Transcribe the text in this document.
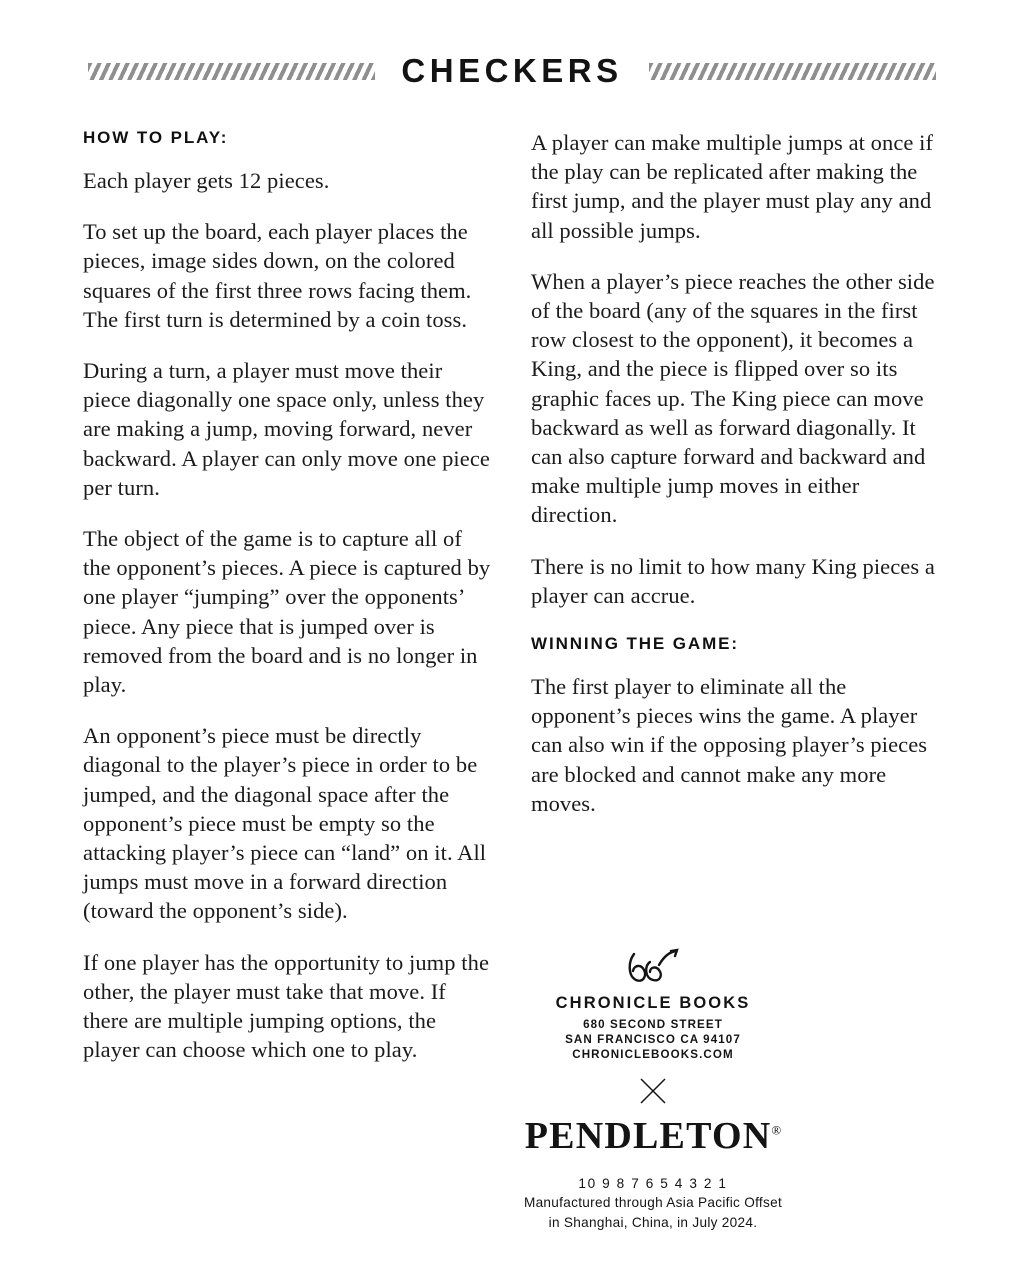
CHECKERS
HOW TO PLAY:

Each player gets 12 pieces.

To set up the board, each player places the pieces, image sides down, on the colored squares of the first three rows facing them. The first turn is determined by a coin toss.

During a turn, a player must move their piece diagonally one space only, unless they are making a jump, moving forward, never backward. A player can only move one piece per turn.

The object of the game is to capture all of the opponent’s pieces. A piece is captured by one player “jumping” over the opponents’ piece. Any piece that is jumped over is removed from the board and is no longer in play.

An opponent’s piece must be directly diagonal to the player’s piece in order to be jumped, and the diagonal space after the opponent’s piece must be empty so the attacking player’s piece can “land” on it. All jumps must move in a forward direction (toward the opponent’s side).

If one player has the opportunity to jump the other, the player must take that move. If there are multiple jumping options, the player can choose which one to play.

A player can make multiple jumps at once if the play can be replicated after making the first jump, and the player must play any and all possible jumps.

When a player’s piece reaches the other side of the board (any of the squares in the first row closest to the opponent), it becomes a King, and the piece is flipped over so its graphic faces up. The King piece can move backward as well as forward diagonally. It can also capture forward and backward and make multiple jump moves in either direction.

There is no limit to how many King pieces a player can accrue.

WINNING THE GAME:

The first player to eliminate all the opponent’s pieces wins the game. A player can also win if the opposing player’s pieces are blocked and cannot make any more moves.

CHRONICLE BOOKS

680 SECOND STREET

SAN FRANCISCO CA 94107

CHRONICLEBOOKS.COM

PENDLETON®

10 9 8 7 6 5 4 3 2 1
Manufactured through Asia Pacific Offset
in Shanghai, China, in July 2024.
